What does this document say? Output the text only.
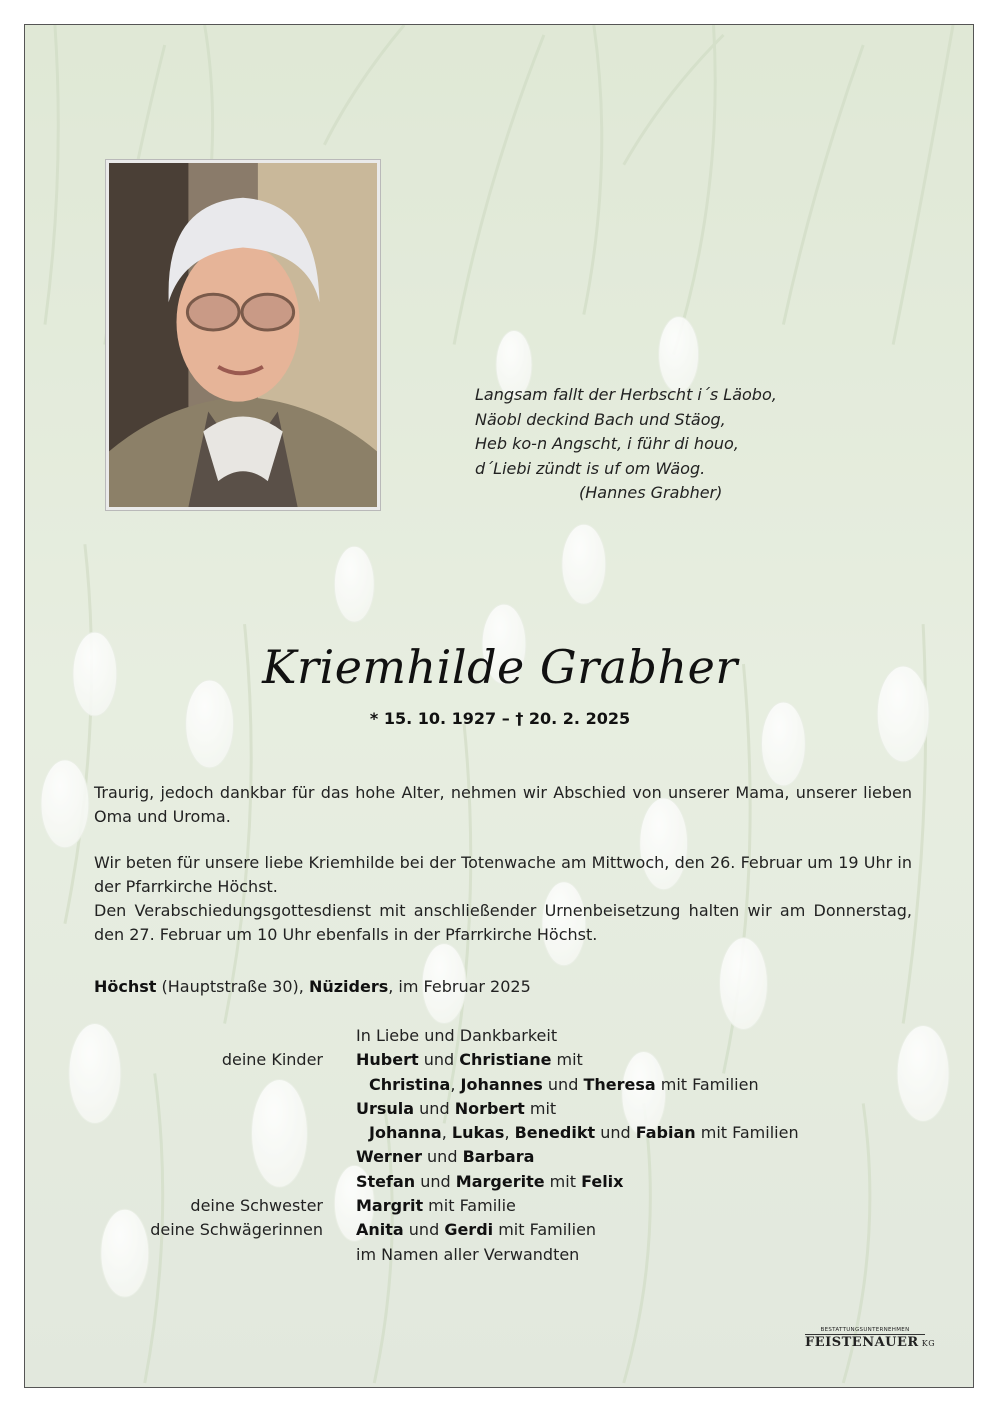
Langsam fallt der Herbscht i´s Läobo,
Näobl deckind Bach und Stäog,
Heb ko-n Angscht, i führ di houo,
d´Liebi zündt is uf om Wäog.
(Hannes Grabher)
Kriemhilde Grabher
* 15. 10. 1927 – † 20. 2. 2025

Traurig, jedoch dankbar für das hohe Alter, nehmen wir Abschied von unserer Mama, unserer lieben Oma und Uroma.

Wir beten für unsere liebe Kriemhilde bei der Totenwache am Mittwoch, den 26. Februar um 19 Uhr in der Pfarrkirche Höchst.

Den Verabschiedungsgottesdienst mit anschließender Urnenbeisetzung halten wir am Donnerstag, den 27. Februar um 10 Uhr ebenfalls in der Pfarrkirche Höchst.

Höchst (Hauptstraße 30), Nüziders, im Februar 2025
In Liebe und Dankbarkeit
deine Kinder Hubert und Christiane mit
Christina, Johannes und Theresa mit Familien
Ursula und Norbert mit
Johanna, Lukas, Benedikt und Fabian mit Familien
Werner und Barbara
Stefan und Margerite mit Felix
deine Schwester Margrit mit Familie
deine Schwägerinnen Anita und Gerdi mit Familien
im Namen aller Verwandten
BESTATTUNGSUNTERNEHMEN
FEISTENAUER KG
